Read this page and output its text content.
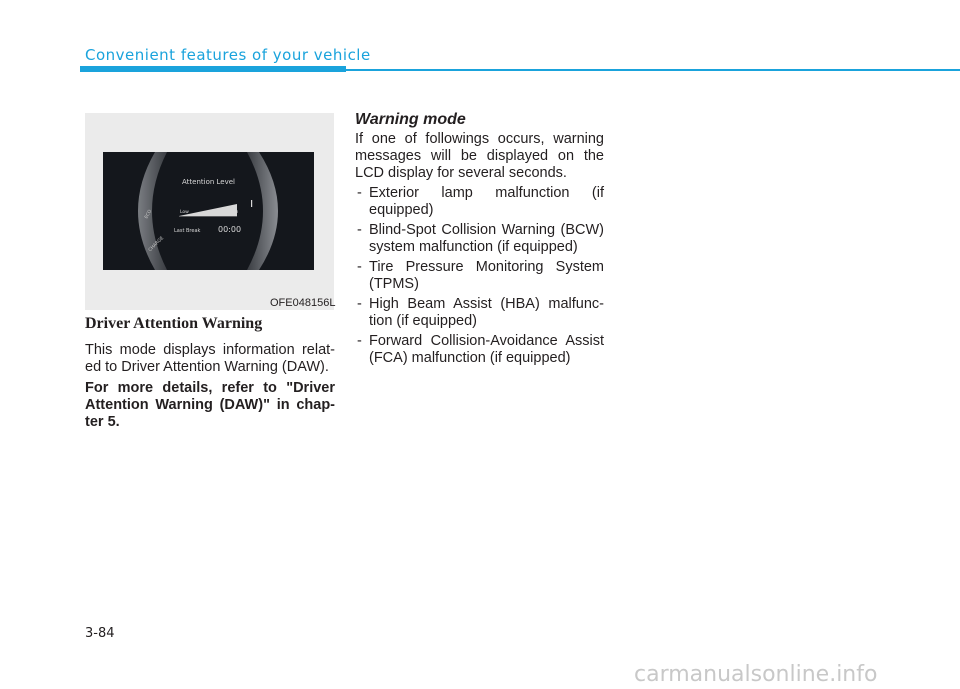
Convenient features of your vehicle
Attention Level
Low	High
Last Break 00:00
ECO
CHARGE
OFE048156L
Driver Attention Warning
This mode displays information relat-ed to Driver Attention Warning (DAW).
For more details, refer to "Driver Attention Warning (DAW)" in chap-ter 5.
Warning mode
If one of followings occurs, warning messages will be displayed on the LCD display for several seconds.
- Exterior lamp malfunction (if equipped)
- Blind-Spot Collision Warning (BCW) system malfunction (if equipped)
- Tire Pressure Monitoring System (TPMS)
- High Beam Assist (HBA) malfunc-tion (if equipped)
- Forward Collision-Avoidance Assist (FCA) malfunction (if equipped)
3-84
carmanualsonline.info
